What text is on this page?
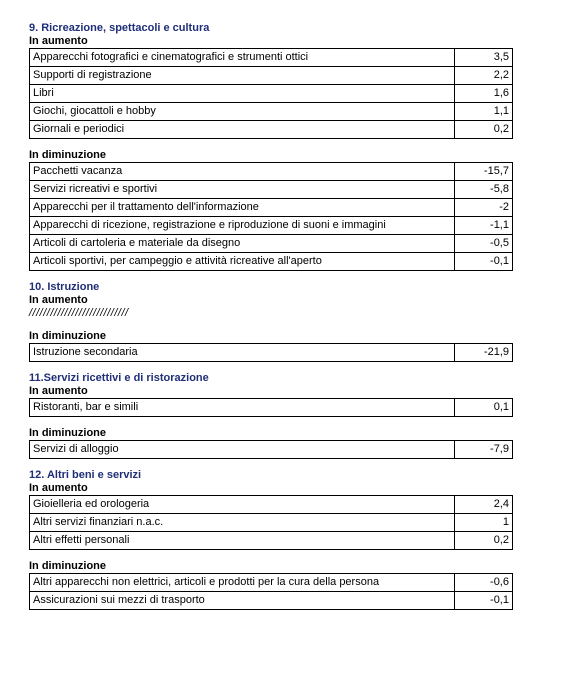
9. Ricreazione, spettacoli e cultura
In aumento
Apparecchi fotografici e cinematografici e strumenti ottici	3,5
Supporti di registrazione	2,2
Libri	1,6
Giochi, giocattoli e hobby	1,1
Giornali e periodici	0,2
In diminuzione
Pacchetti vacanza	-15,7
Servizi ricreativi e sportivi	-5,8
Apparecchi per il trattamento dell'informazione	-2
Apparecchi di ricezione, registrazione e riproduzione di suoni e immagini	-1,1
Articoli di cartoleria e materiale da disegno	-0,5
Articoli sportivi, per campeggio e attività ricreative all'aperto	-0,1
10. Istruzione
In aumento
////////////////////////////
In diminuzione
Istruzione secondaria	-21,9
11.Servizi ricettivi e di ristorazione
In aumento
Ristoranti, bar e simili	0,1
In diminuzione
Servizi di alloggio	-7,9
12. Altri beni e servizi
In aumento
Gioielleria ed orologeria	2,4
Altri servizi finanziari n.a.c.	1
Altri effetti personali	0,2
In diminuzione
Altri apparecchi non elettrici, articoli e prodotti per la cura della persona	-0,6
Assicurazioni sui mezzi di trasporto	-0,1
